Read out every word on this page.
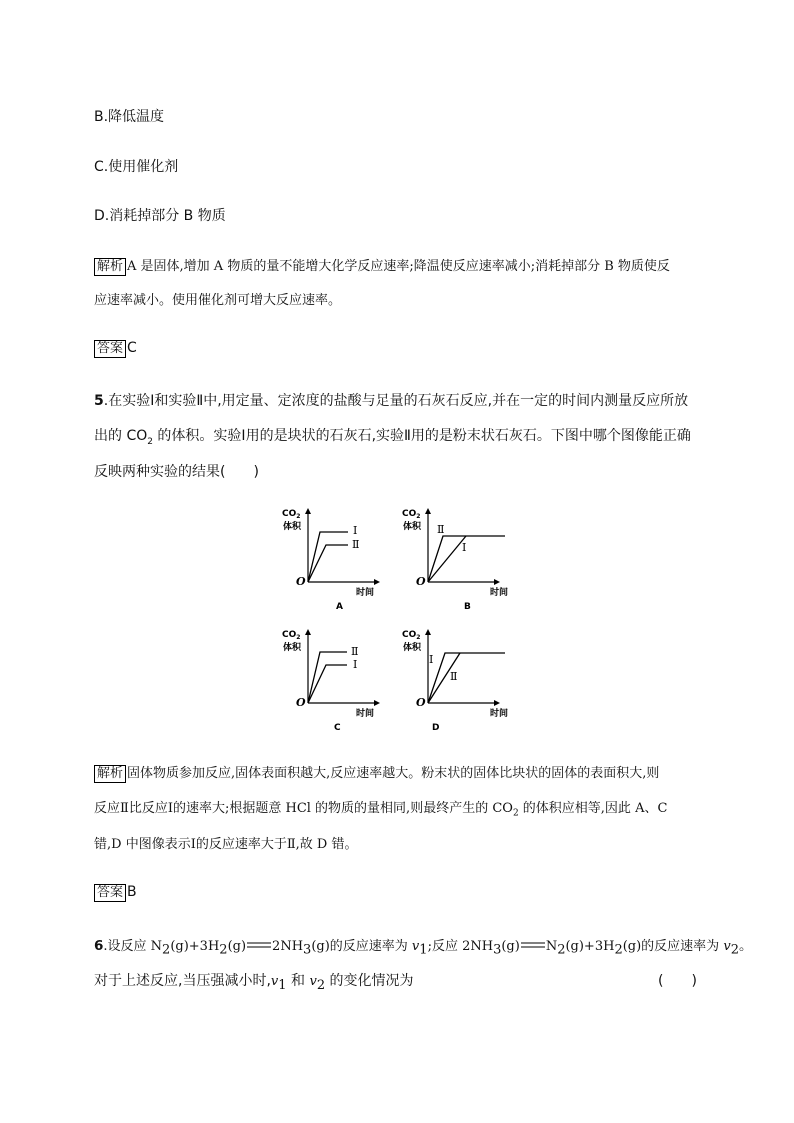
B.降低温度
C.使用催化剂
D.消耗掉部分 B 物质
解析 A 是固体,增加 A 物质的量不能增大化学反应速率;降温使反应速率减小;消耗掉部分 B 物质使反
应速率减小。使用催化剂可增大反应速率。
答案 C
5.在实验Ⅰ和实验Ⅱ中,用定量、定浓度的盐酸与足量的石灰石反应,并在一定的时间内测量反应所放
出的 $CO_2$ 的体积。实验Ⅰ用的是块状的石灰石,实验Ⅱ用的是粉末状石灰石。下图中哪个图像能正确
反映两种实验的结果(　　)
$CO_2$
体积	Ⅰ
Ⅱ
O
时间
A
$CO_2$
体积 Ⅱ
Ⅰ
O
时间
B
$CO_2$
体积	Ⅱ
Ⅰ
O
时间
C
$CO_2$
体积
Ⅰ
Ⅱ
O
时间
D
解析 固体物质参加反应,固体表面积越大,反应速率越大。粉末状的固体比块状的固体的表面积大,则
反应Ⅱ比反应Ⅰ的速率大;根据题意 HCl 的物质的量相同,则最终产生的 $CO_2$ 的体积应相等,因此 A、C
错,D 中图像表示Ⅰ的反应速率大于Ⅱ,故 D 错。
答案 B
6.设反应 $N_2(g)+3H_2(g)$ $2NH_3(g)$的反应速率为 $v_1$;反应 $2NH_3(g)$ $N_2(g)+3H_2(g)$的反应速率为 $v_2$。
对于上述反应,当压强减小时$,v_1$ 和 $v_2$ 的变化情况为	(　　)
